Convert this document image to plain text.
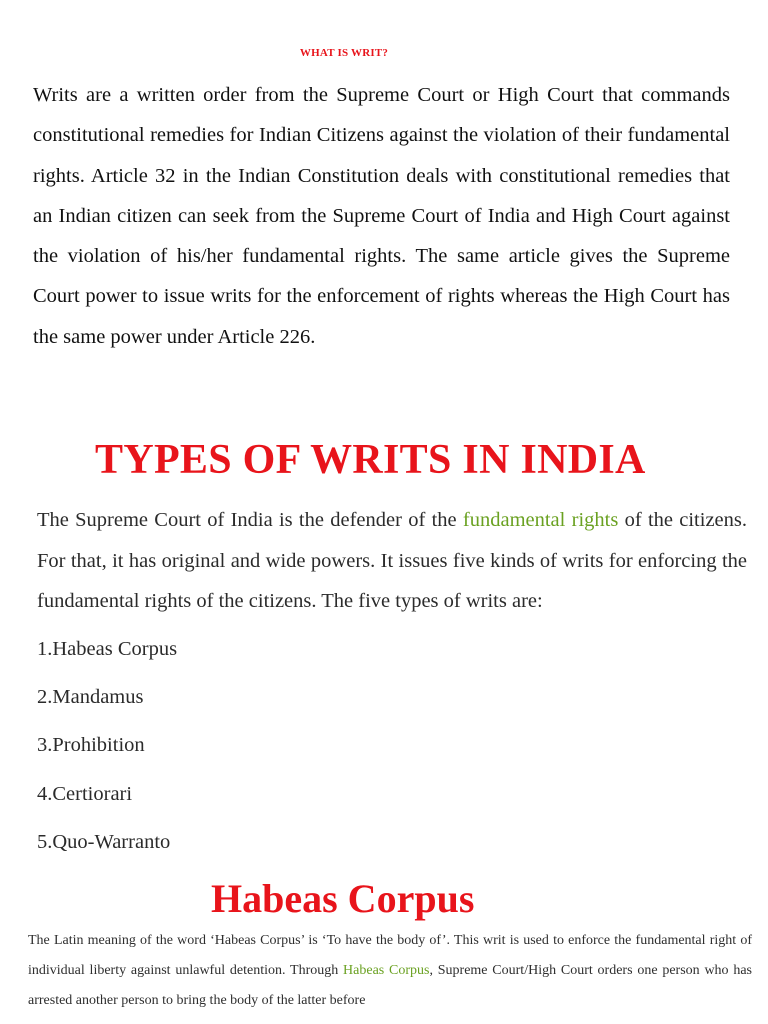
WHAT IS WRIT?

Writs are a written order from the Supreme Court or High Court that commands constitutional remedies for Indian Citizens against the violation of their fundamental rights. Article 32 in the Indian Constitution deals with constitutional remedies that an Indian citizen can seek from the Supreme Court of India and High Court against the violation of his/her fundamental rights. The same article gives the Supreme Court power to issue writs for the enforcement of rights whereas the High Court has the same power under Article 226.

TYPES OF WRITS IN INDIA

The Supreme Court of India is the defender of the fundamental rights of the citizens. For that, it has original and wide powers. It issues five kinds of writs for enforcing the fundamental rights of the citizens. The five types of writs are:

1.Habeas Corpus
2.Mandamus
3.Prohibition
4.Certiorari
5.Quo-Warranto
Habeas Corpus

The Latin meaning of the word ‘Habeas Corpus’ is ‘To have the body of’. This writ is used to enforce the fundamental right of individual liberty against unlawful detention. Through Habeas Corpus, Supreme Court/High Court orders one person who has arrested another person to bring the body of the latter before
